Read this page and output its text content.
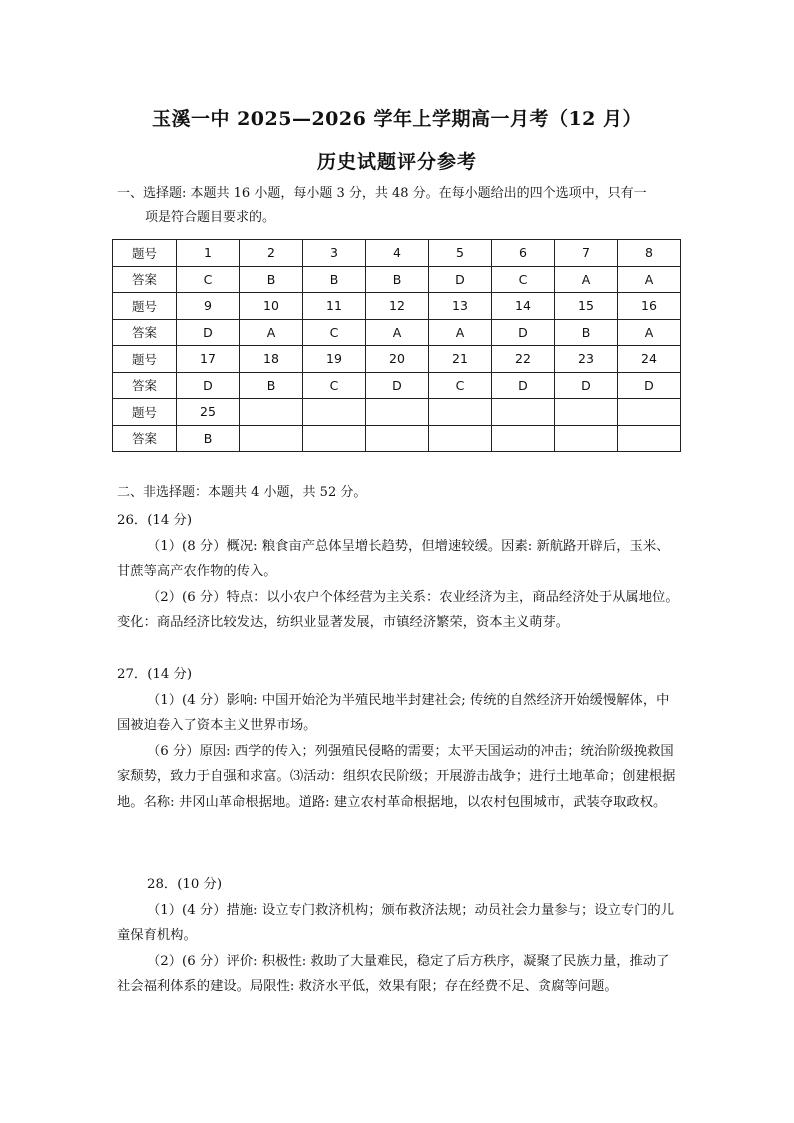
玉溪一中 2025—2026 学年上学期高一月考（12 月）
历史试题评分参考

一、选择题: 本题共 16 小题，每小题 3 分，共 48 分。在每小题给出的四个选项中，只有一

项是符合题目要求的。

题号	1	2	3	4	5	6	7	8
答案	C	B	B	B	D	C	A	A
题号	9	10	11	12	13	14	15	16
答案	D	A	C	A	A	D	B	A
题号	17	18	19	20	21	22	23	24
答案	D	B	C	D	C	D	D	D
题号	25							
答案	B							
二、非选择题：本题共 4 小题，共 52 分。

26．(14 分)

（1）(8 分）概况: 粮食亩产总体呈增长趋势，但增速较缓。因素: 新航路开辟后，玉米、甘蔗等高产农作物的传入。

（2）(6 分）特点：以小农户个体经营为主关系：农业经济为主，商品经济处于从属地位。变化：商品经济比较发达，纺织业显著发展，市镇经济繁荣，资本主义萌芽。

27．(14 分)

（1）(4 分）影响: 中国开始沦为半殖民地半封建社会; 传统的自然经济开始缓慢解体，中国被迫卷入了资本主义世界市场。

（6 分）原因: 西学的传入；列强殖民侵略的需要；太平天国运动的冲击；统治阶级挽救国家颓势，致力于自强和求富。⑶活动：组织农民阶级；开展游击战争；进行土地革命；创建根据地。名称: 井冈山革命根据地。道路: 建立农村革命根据地，以农村包围城市，武装夺取政权。

28．(10 分)

（1）(4 分）措施: 设立专门救济机构；颁布救济法规；动员社会力量参与；设立专门的儿童保育机构。

（2）(6 分）评价: 积极性: 救助了大量难民，稳定了后方秩序，凝聚了民族力量，推动了社会福利体系的建设。局限性: 救济水平低，效果有限；存在经费不足、贪腐等问题。
